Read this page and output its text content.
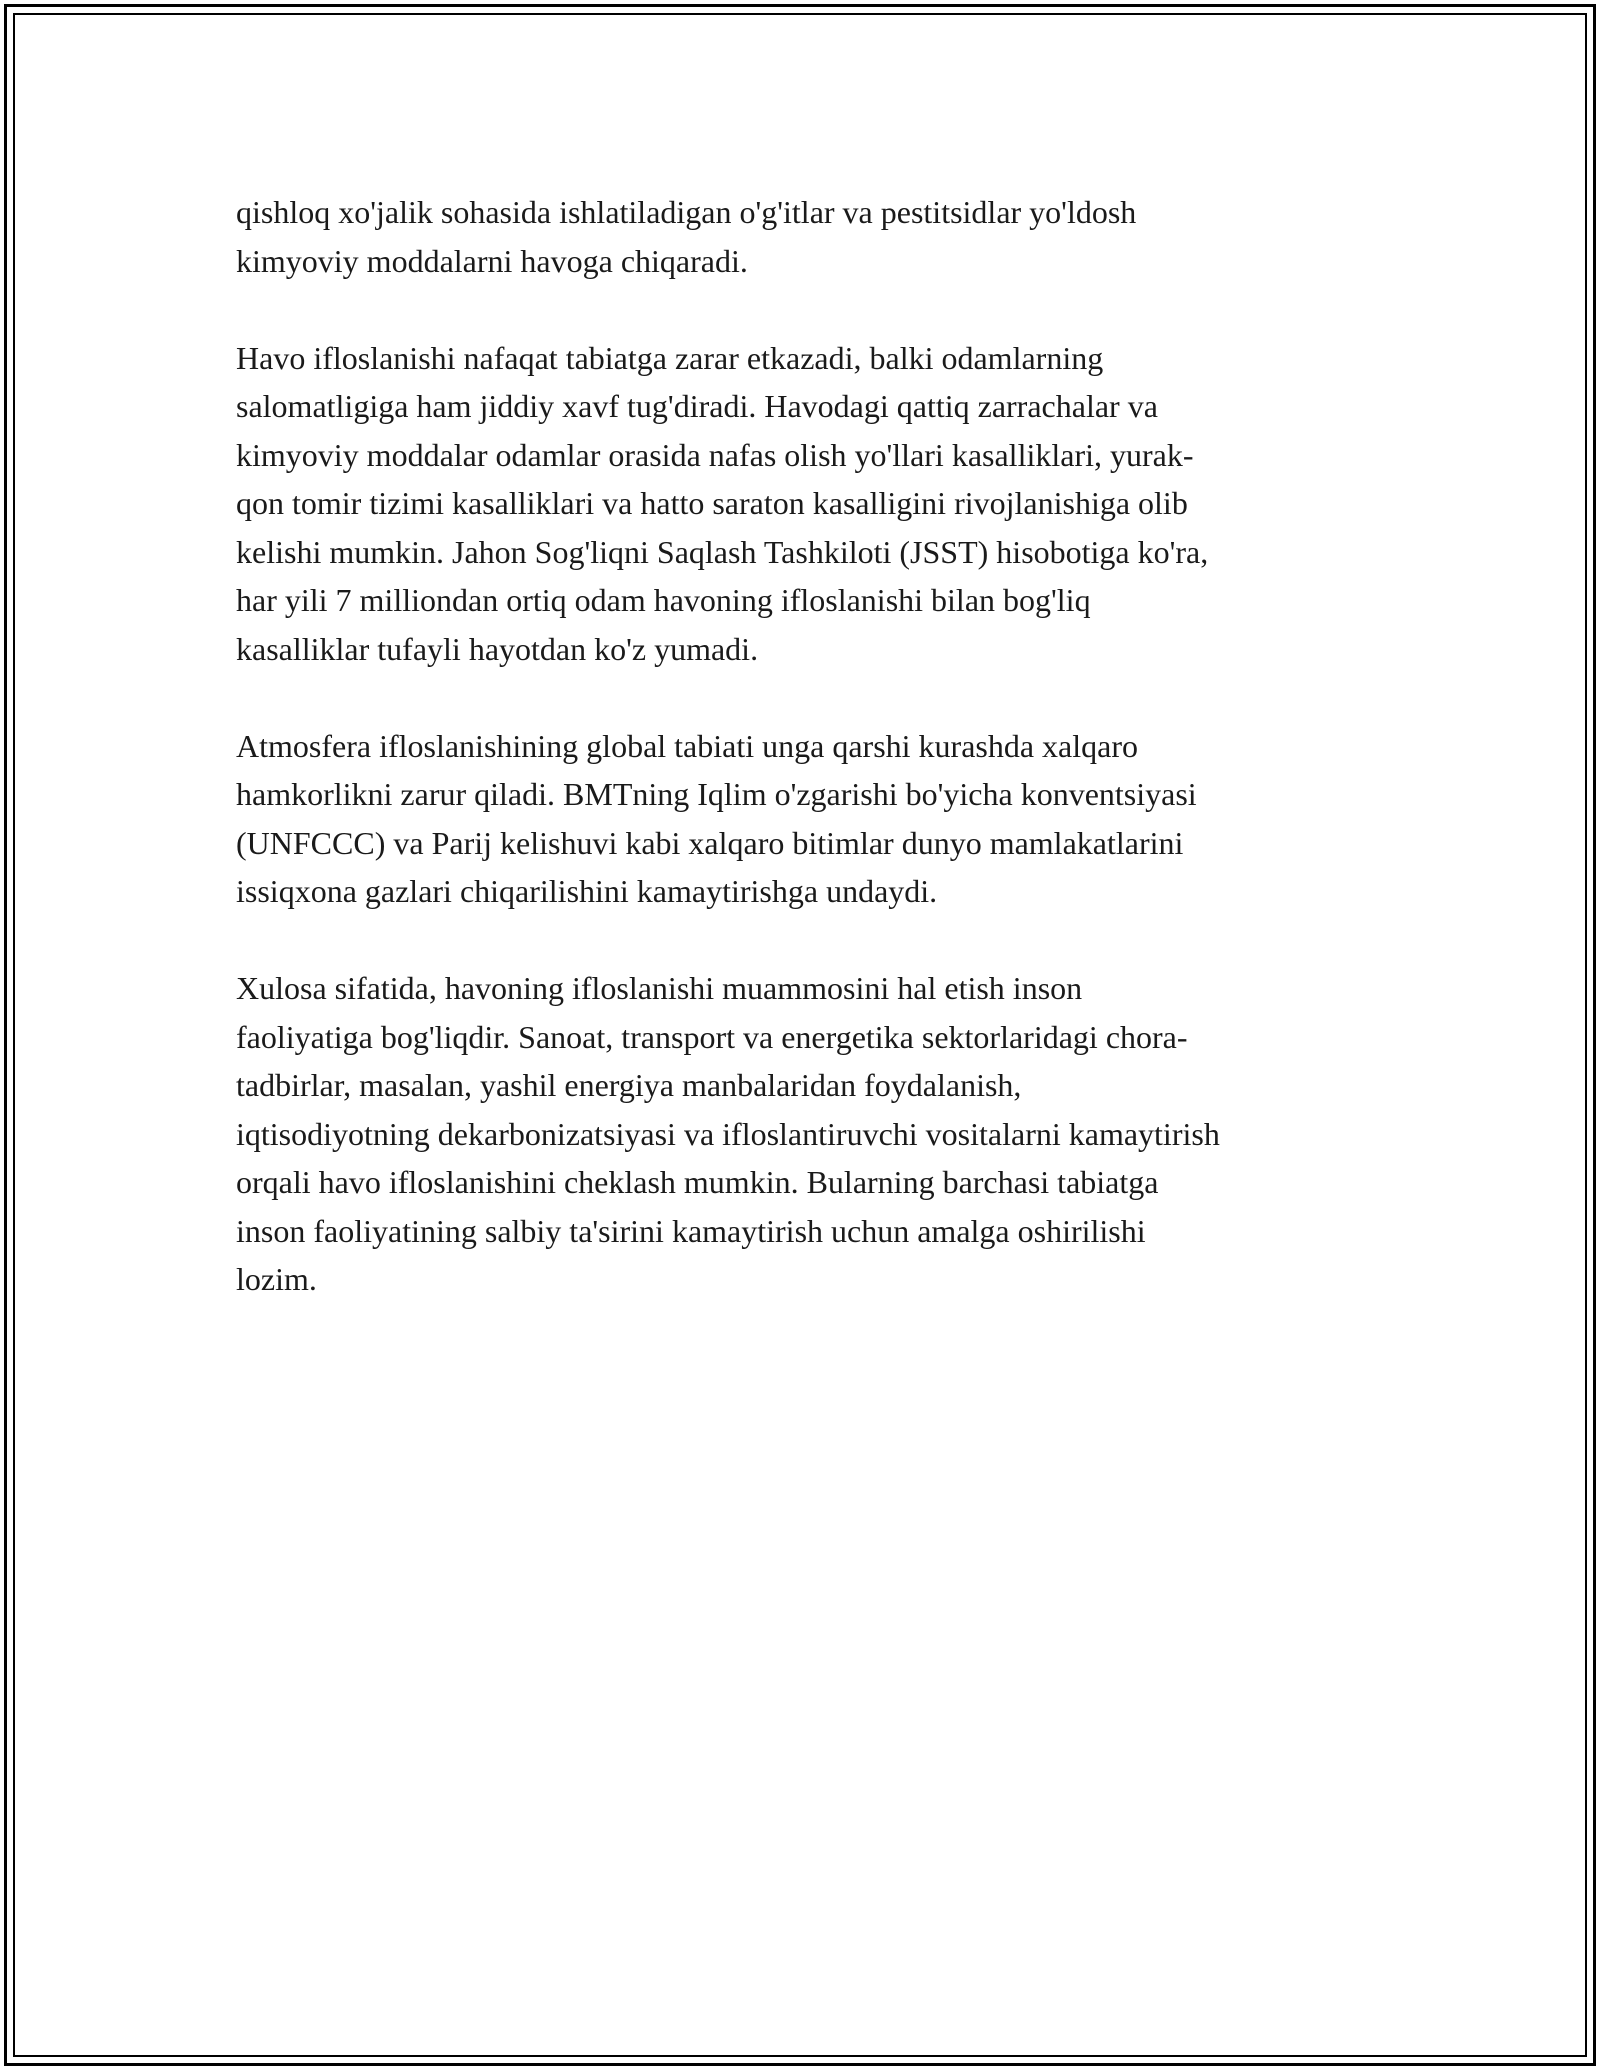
qishloq xo'jalik sohasida ishlatiladigan o'g'itlar va pestitsidlar yo'ldosh
kimyoviy moddalarni havoga chiqaradi.
Havo ifloslanishi nafaqat tabiatga zarar etkazadi, balki odamlarning
salomatligiga ham jiddiy xavf tug'diradi. Havodagi qattiq zarrachalar va
kimyoviy moddalar odamlar orasida nafas olish yo'llari kasalliklari, yurak-
qon tomir tizimi kasalliklari va hatto saraton kasalligini rivojlanishiga olib
kelishi mumkin. Jahon Sog'liqni Saqlash Tashkiloti (JSST) hisobotiga ko'ra,
har yili 7 milliondan ortiq odam havoning ifloslanishi bilan bog'liq
kasalliklar tufayli hayotdan ko'z yumadi.
Atmosfera ifloslanishining global tabiati unga qarshi kurashda xalqaro
hamkorlikni zarur qiladi. BMTning Iqlim o'zgarishi bo'yicha konventsiyasi
(UNFCCC) va Parij kelishuvi kabi xalqaro bitimlar dunyo mamlakatlarini
issiqxona gazlari chiqarilishini kamaytirishga undaydi.
Xulosa sifatida, havoning ifloslanishi muammosini hal etish inson
faoliyatiga bog'liqdir. Sanoat, transport va energetika sektorlaridagi chora-
tadbirlar, masalan, yashil energiya manbalaridan foydalanish,
iqtisodiyotning dekarbonizatsiyasi va ifloslantiruvchi vositalarni kamaytirish
orqali havo ifloslanishini cheklash mumkin. Bularning barchasi tabiatga
inson faoliyatining salbiy ta'sirini kamaytirish uchun amalga oshirilishi
lozim.
